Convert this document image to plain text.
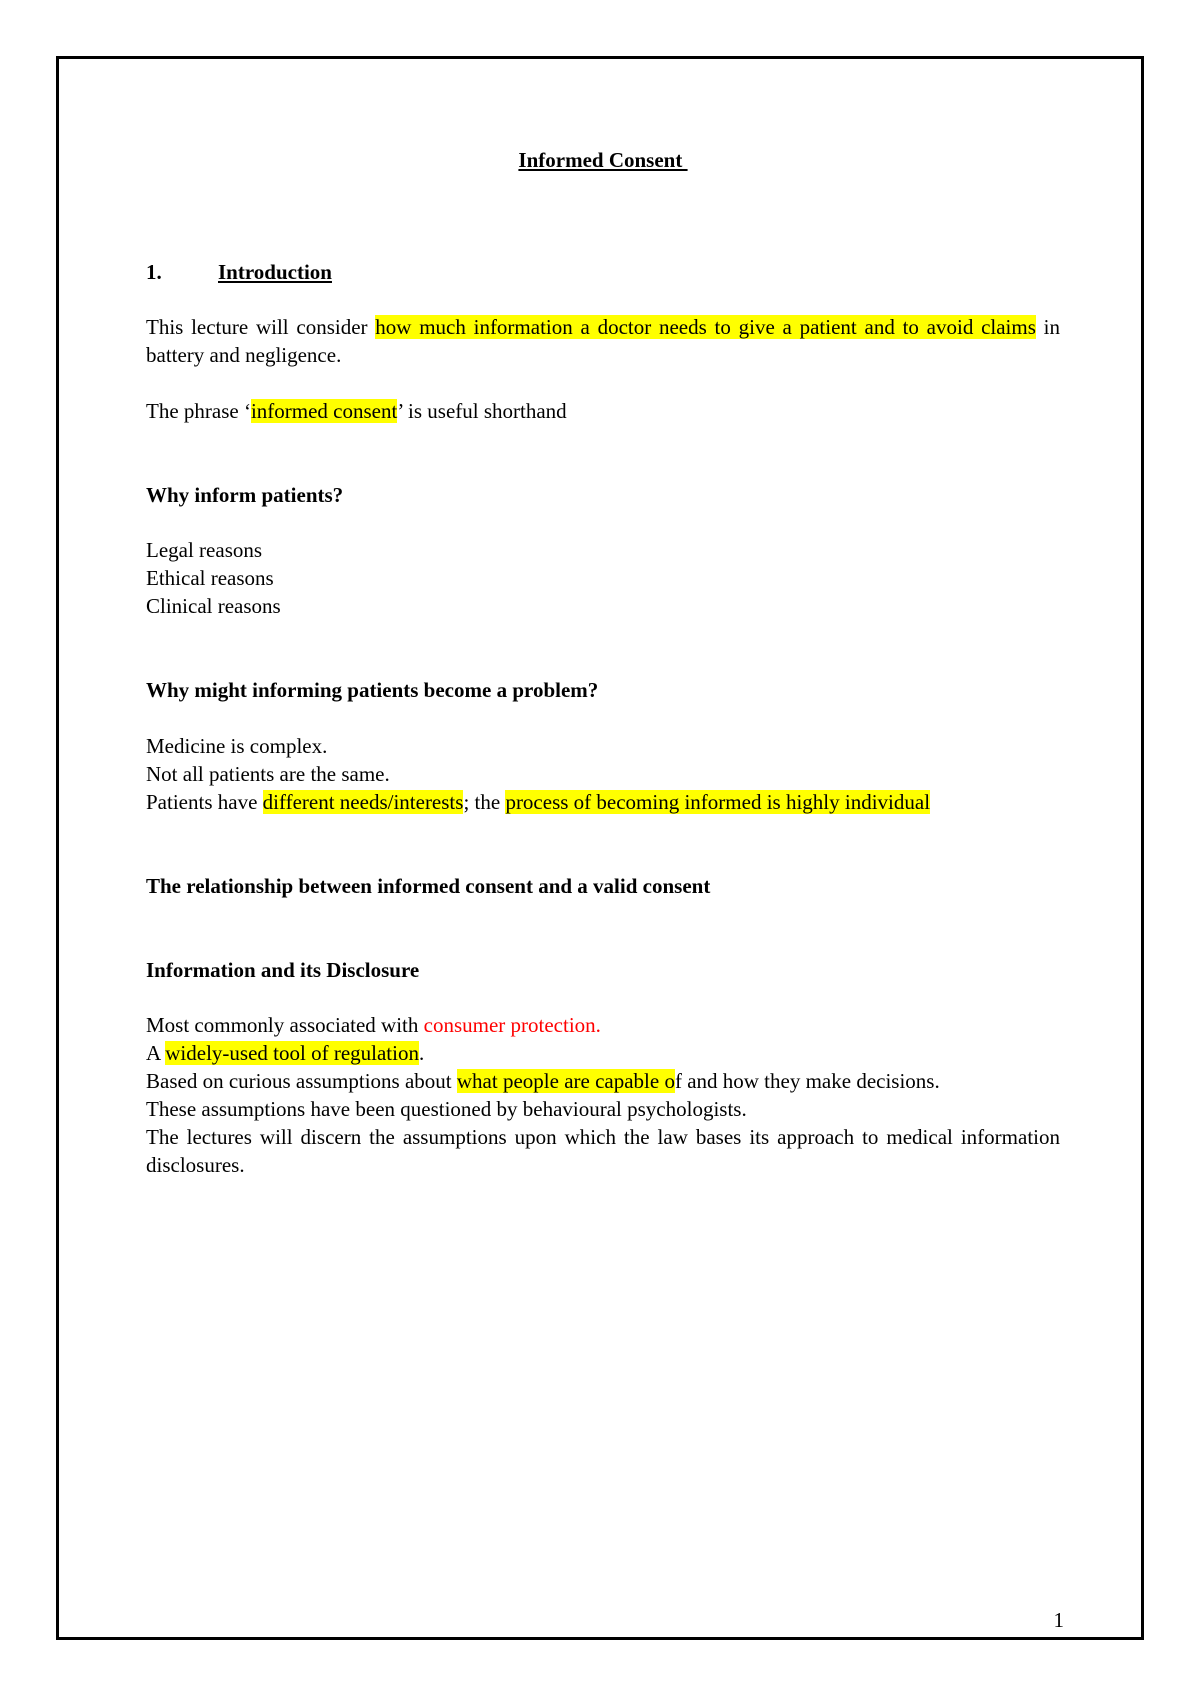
Informed Consent
1.	Introduction

This lecture will consider how much information a doctor needs to give a patient and to avoid claims in battery and negligence.

The phrase ‘informed consent’ is useful shorthand

Why inform patients?
Legal reasons
Ethical reasons
Clinical reasons
Why might informing patients become a problem?
Medicine is complex.
Not all patients are the same.
Patients have different needs/interests; the process of becoming informed is highly individual
The relationship between informed consent and a valid consent
Information and its Disclosure
Most commonly associated with consumer protection.
A widely-used tool of regulation.
Based on curious assumptions about what people are capable of and how they make decisions.
These assumptions have been questioned by behavioural psychologists.
The lectures will discern the assumptions upon which the law bases its approach to medical information disclosures.
1
